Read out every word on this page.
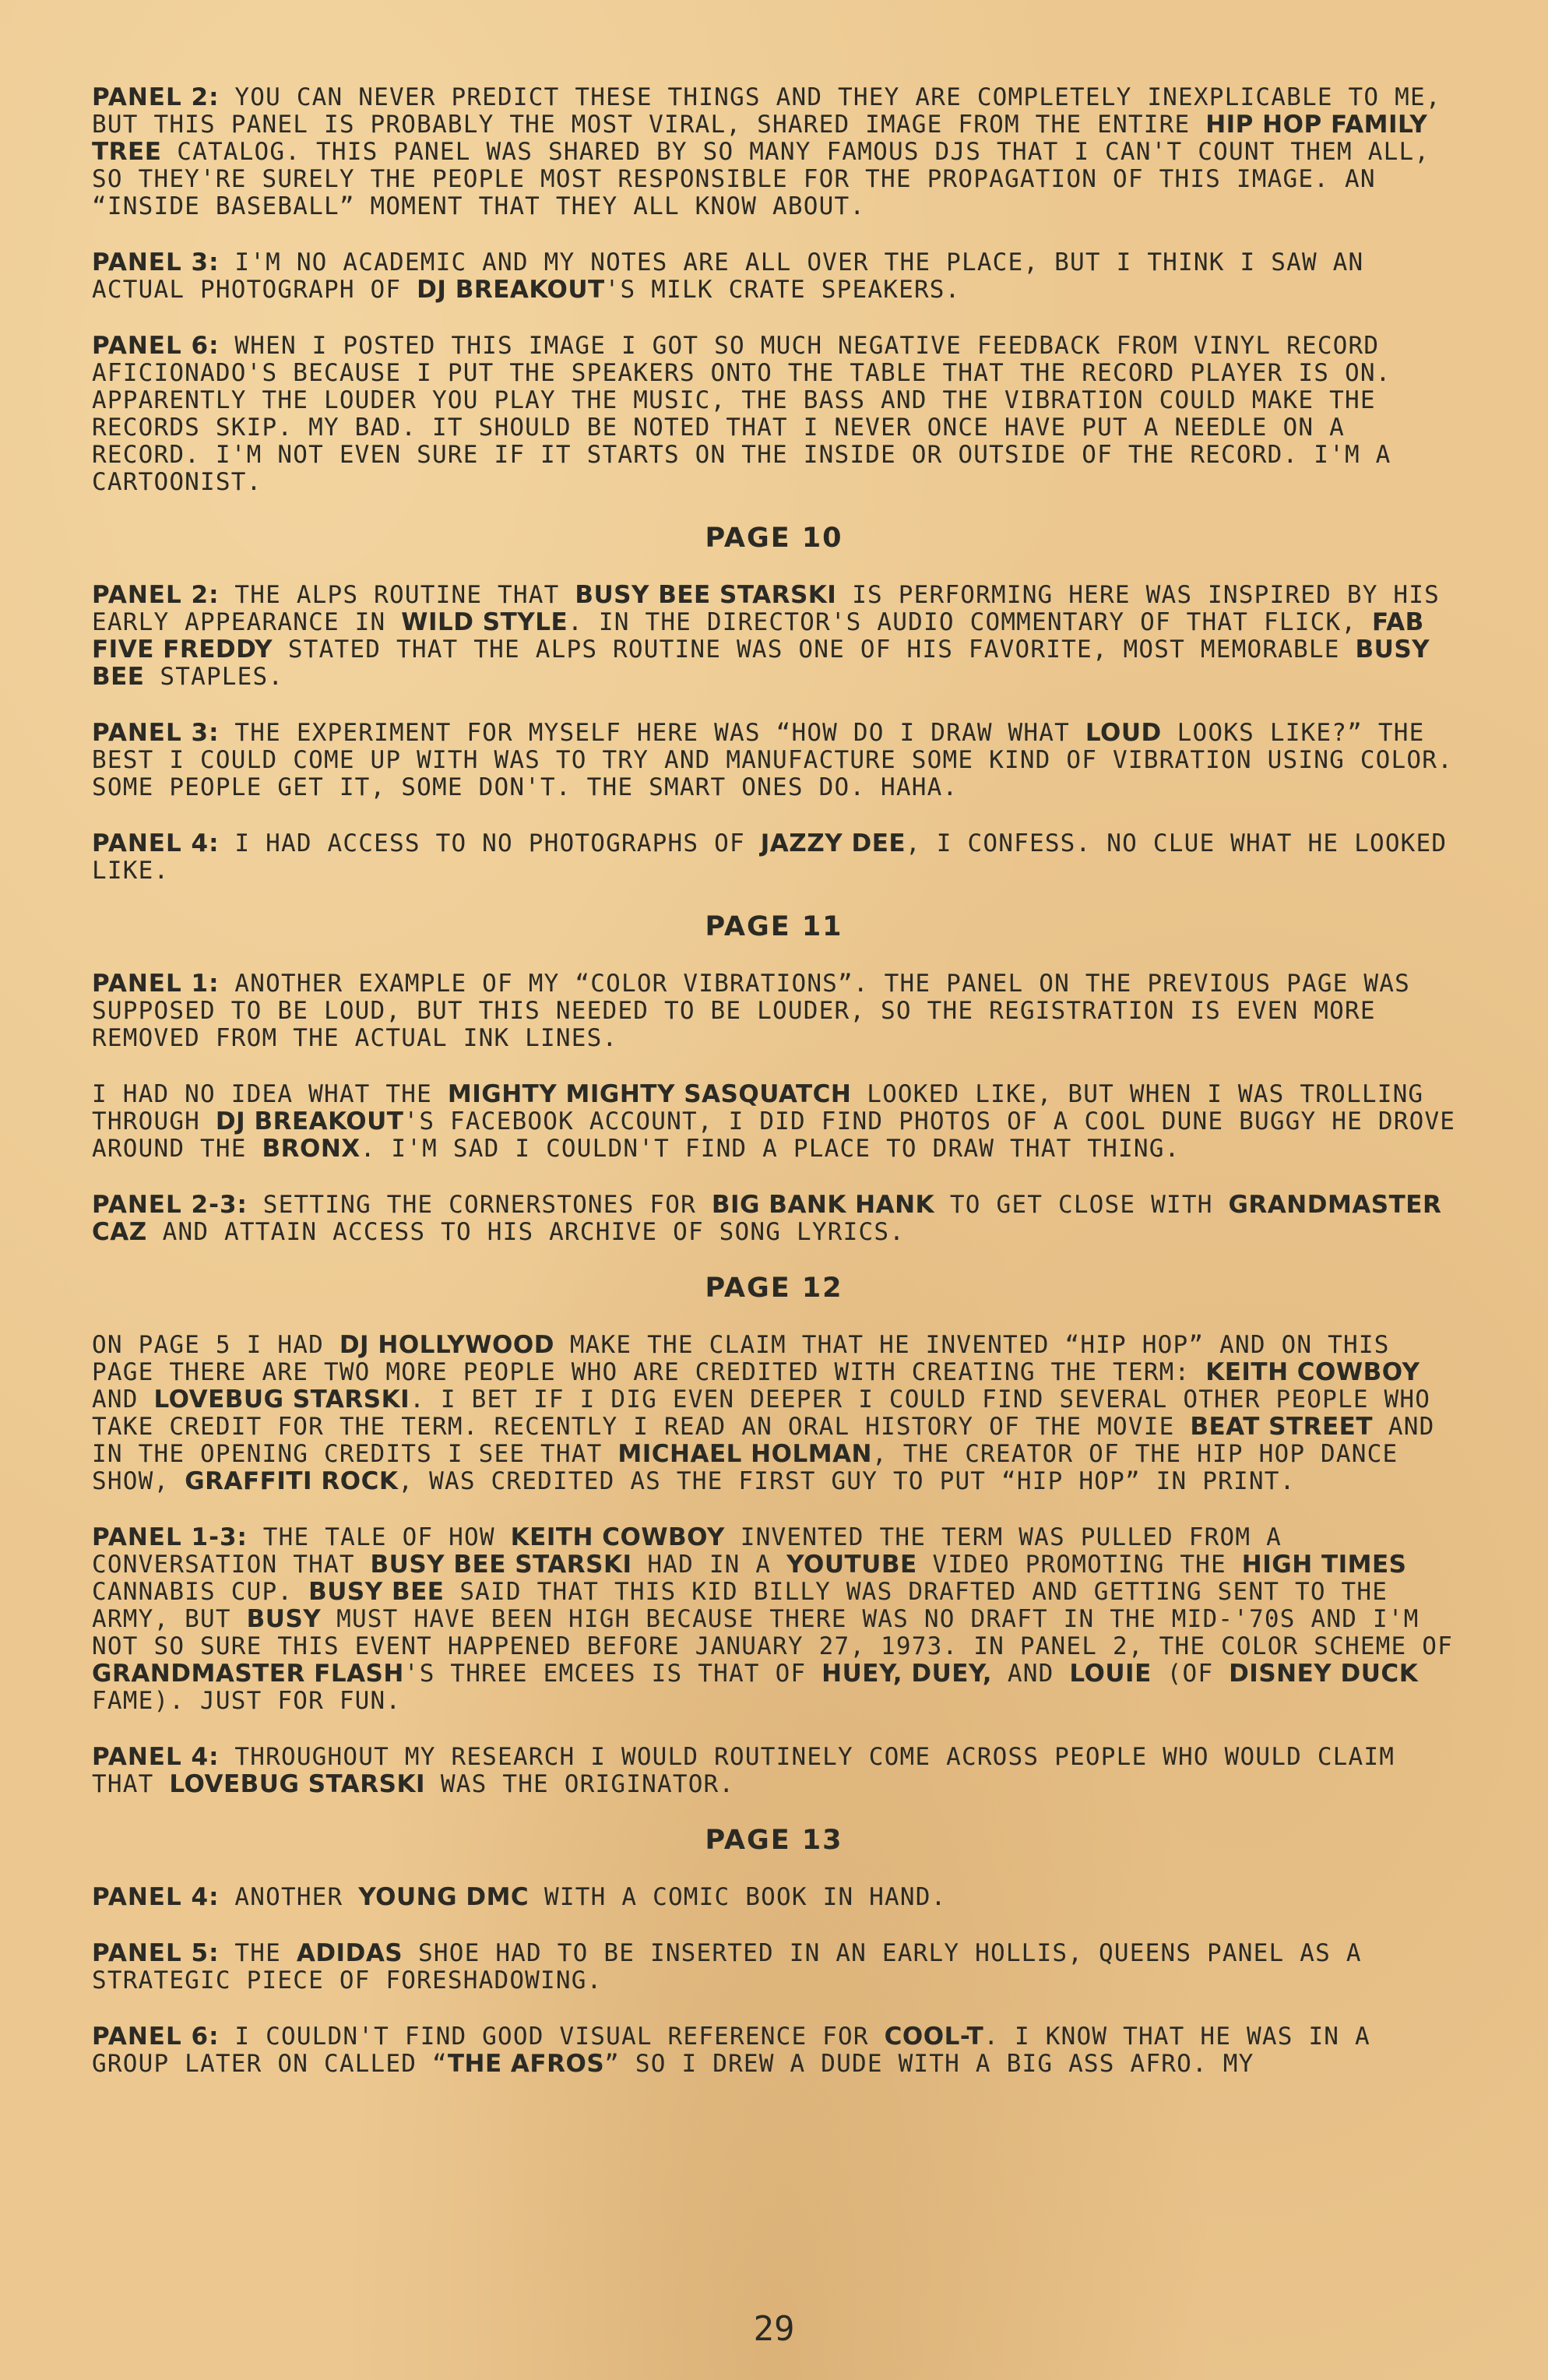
PANEL 2: YOU CAN NEVER PREDICT THESE THINGS AND THEY ARE COMPLETELY INEXPLICABLE TO ME, BUT THIS PANEL IS PROBABLY THE MOST VIRAL, SHARED IMAGE FROM THE ENTIRE HIP HOP FAMILY TREE CATALOG. THIS PANEL WAS SHARED BY SO MANY FAMOUS DJS THAT I CAN'T COUNT THEM ALL, SO THEY'RE SURELY THE PEOPLE MOST RESPONSIBLE FOR THE PROPAGATION OF THIS IMAGE. AN “INSIDE BASEBALL” MOMENT THAT THEY ALL KNOW ABOUT.

PANEL 3: I'M NO ACADEMIC AND MY NOTES ARE ALL OVER THE PLACE, BUT I THINK I SAW AN ACTUAL PHOTOGRAPH OF DJ BREAKOUT'S MILK CRATE SPEAKERS.

PANEL 6: WHEN I POSTED THIS IMAGE I GOT SO MUCH NEGATIVE FEEDBACK FROM VINYL RECORD AFICIONADO'S BECAUSE I PUT THE SPEAKERS ONTO THE TABLE THAT THE RECORD PLAYER IS ON. APPARENTLY THE LOUDER YOU PLAY THE MUSIC, THE BASS AND THE VIBRATION COULD MAKE THE RECORDS SKIP. MY BAD. IT SHOULD BE NOTED THAT I NEVER ONCE HAVE PUT A NEEDLE ON A RECORD. I'M NOT EVEN SURE IF IT STARTS ON THE INSIDE OR OUTSIDE OF THE RECORD. I'M A CARTOONIST.

PAGE 10

PANEL 2: THE ALPS ROUTINE THAT BUSY BEE STARSKI IS PERFORMING HERE WAS INSPIRED BY HIS EARLY APPEARANCE IN WILD STYLE. IN THE DIRECTOR'S AUDIO COMMENTARY OF THAT FLICK, FAB FIVE FREDDY STATED THAT THE ALPS ROUTINE WAS ONE OF HIS FAVORITE, MOST MEMORABLE BUSY BEE STAPLES.

PANEL 3: THE EXPERIMENT FOR MYSELF HERE WAS “HOW DO I DRAW WHAT LOUD LOOKS LIKE?” THE BEST I COULD COME UP WITH WAS TO TRY AND MANUFACTURE SOME KIND OF VIBRATION USING COLOR. SOME PEOPLE GET IT, SOME DON'T. THE SMART ONES DO. HAHA.

PANEL 4: I HAD ACCESS TO NO PHOTOGRAPHS OF JAZZY DEE, I CONFESS. NO CLUE WHAT HE LOOKED LIKE.

PAGE 11

PANEL 1: ANOTHER EXAMPLE OF MY “COLOR VIBRATIONS”. THE PANEL ON THE PREVIOUS PAGE WAS SUPPOSED TO BE LOUD, BUT THIS NEEDED TO BE LOUDER, SO THE REGISTRATION IS EVEN MORE REMOVED FROM THE ACTUAL INK LINES.

I HAD NO IDEA WHAT THE MIGHTY MIGHTY SASQUATCH LOOKED LIKE, BUT WHEN I WAS TROLLING THROUGH DJ BREAKOUT'S FACEBOOK ACCOUNT, I DID FIND PHOTOS OF A COOL DUNE BUGGY HE DROVE AROUND THE BRONX. I'M SAD I COULDN'T FIND A PLACE TO DRAW THAT THING.

PANEL 2-3: SETTING THE CORNERSTONES FOR BIG BANK HANK TO GET CLOSE WITH GRANDMASTER CAZ AND ATTAIN ACCESS TO HIS ARCHIVE OF SONG LYRICS.

PAGE 12

ON PAGE 5 I HAD DJ HOLLYWOOD MAKE THE CLAIM THAT HE INVENTED “HIP HOP” AND ON THIS PAGE THERE ARE TWO MORE PEOPLE WHO ARE CREDITED WITH CREATING THE TERM: KEITH COWBOY AND LOVEBUG STARSKI. I BET IF I DIG EVEN DEEPER I COULD FIND SEVERAL OTHER PEOPLE WHO TAKE CREDIT FOR THE TERM. RECENTLY I READ AN ORAL HISTORY OF THE MOVIE BEAT STREET AND IN THE OPENING CREDITS I SEE THAT MICHAEL HOLMAN, THE CREATOR OF THE HIP HOP DANCE SHOW, GRAFFITI ROCK, WAS CREDITED AS THE FIRST GUY TO PUT “HIP HOP” IN PRINT.

PANEL 1-3: THE TALE OF HOW KEITH COWBOY INVENTED THE TERM WAS PULLED FROM A CONVERSATION THAT BUSY BEE STARSKI HAD IN A YOUTUBE VIDEO PROMOTING THE HIGH TIMES CANNABIS CUP. BUSY BEE SAID THAT THIS KID BILLY WAS DRAFTED AND GETTING SENT TO THE ARMY, BUT BUSY MUST HAVE BEEN HIGH BECAUSE THERE WAS NO DRAFT IN THE MID-'70S AND I'M NOT SO SURE THIS EVENT HAPPENED BEFORE JANUARY 27, 1973. IN PANEL 2, THE COLOR SCHEME OF GRANDMASTER FLASH'S THREE EMCEES IS THAT OF HUEY, DUEY, AND LOUIE (OF DISNEY DUCK FAME). JUST FOR FUN.

PANEL 4: THROUGHOUT MY RESEARCH I WOULD ROUTINELY COME ACROSS PEOPLE WHO WOULD CLAIM THAT LOVEBUG STARSKI WAS THE ORIGINATOR.

PAGE 13

PANEL 4: ANOTHER YOUNG DMC WITH A COMIC BOOK IN HAND.

PANEL 5: THE ADIDAS SHOE HAD TO BE INSERTED IN AN EARLY HOLLIS, QUEENS PANEL AS A STRATEGIC PIECE OF FORESHADOWING.

PANEL 6: I COULDN'T FIND GOOD VISUAL REFERENCE FOR COOL-T. I KNOW THAT HE WAS IN A GROUP LATER ON CALLED “THE AFROS” SO I DREW A DUDE WITH A BIG ASS AFRO. MY

29
